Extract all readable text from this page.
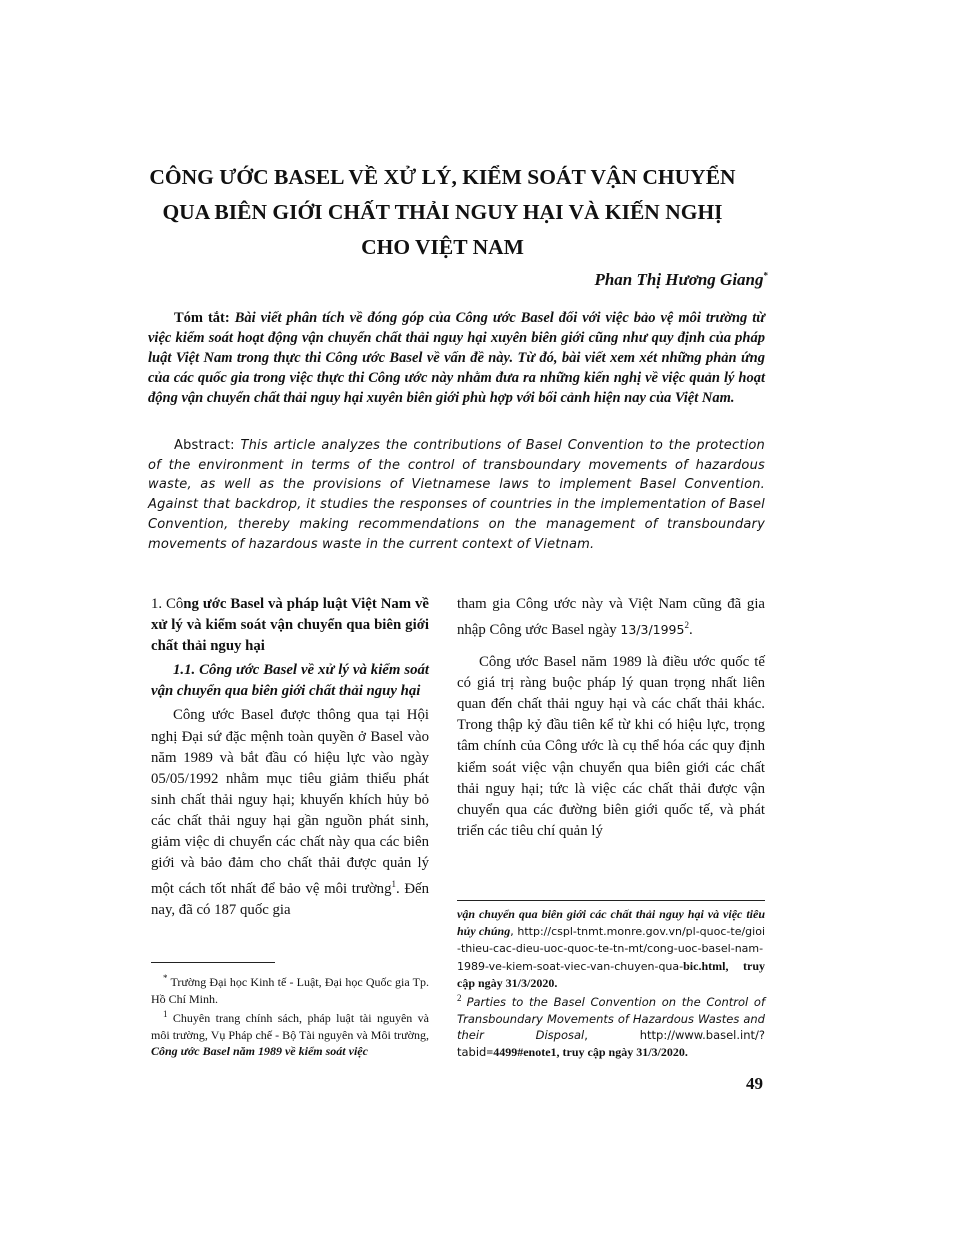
CÔNG ƯỚC BASEL VỀ XỬ LÝ, KIỂM SOÁT VẬN CHUYỂN
QUA BIÊN GIỚI CHẤT THẢI NGUY HẠI VÀ KIẾN NGHỊ
CHO VIỆT NAM
Phan Thị Hương Giang*

Tóm tắt: Bài viết phân tích về đóng góp của Công ước Basel đối với việc bảo vệ môi trường từ việc kiểm soát hoạt động vận chuyển chất thải nguy hại xuyên biên giới cũng như quy định của pháp luật Việt Nam trong thực thi Công ước Basel về vấn đề này. Từ đó, bài viết xem xét những phản ứng của các quốc gia trong việc thực thi Công ước này nhằm đưa ra những kiến nghị về việc quản lý hoạt động vận chuyển chất thải nguy hại xuyên biên giới phù hợp với bối cảnh hiện nay của Việt Nam.

Abstract: This article analyzes the contributions of Basel Convention to the protection of the environment in terms of the control of transboundary movements of hazardous waste, as well as the provisions of Vietnamese laws to implement Basel Convention. Against that backdrop, it studies the responses of countries in the implementation of Basel Convention, thereby making recommendations on the management of transboundary movements of hazardous waste in the current context of Vietnam.

1. Công ước Basel và pháp luật Việt Nam về xử lý và kiểm soát vận chuyển qua biên giới chất thải nguy hại

1.1. Công ước Basel về xử lý và kiểm soát vận chuyển qua biên giới chất thải nguy hại

Công ước Basel được thông qua tại Hội nghị Đại sứ đặc mệnh toàn quyền ở Basel vào năm 1989 và bắt đầu có hiệu lực vào ngày 05/05/1992 nhằm mục tiêu giảm thiểu phát sinh chất thải nguy hại; khuyến khích hủy bỏ các chất thải nguy hại gần nguồn phát sinh, giảm việc di chuyển các chất này qua các biên giới và bảo đảm cho chất thải được quản lý một cách tốt nhất để bảo vệ môi trường$^1$. Đến nay, đã có 187 quốc gia

tham gia Công ước này và Việt Nam cũng đã gia nhập Công ước Basel ngày 13/3/1995$^2$.

Công ước Basel năm 1989 là điều ước quốc tế có giá trị ràng buộc pháp lý quan trọng nhất liên quan đến chất thải nguy hại và các chất thải khác. Trong thập kỷ đầu tiên kể từ khi có hiệu lực, trọng tâm chính của Công ước là cụ thể hóa các quy định kiểm soát việc vận chuyển qua biên giới các chất thải nguy hại; tức là việc các chất thải được vận chuyển qua các đường biên giới quốc tế, và phát triển các tiêu chí quản lý

* Trường Đại học Kinh tế - Luật, Đại học Quốc gia Tp. Hồ Chí Minh.

$^1$ Chuyên trang chính sách, pháp luật tài nguyên và môi trường, Vụ Pháp chế - Bộ Tài nguyên và Môi trường, Công ước Basel năm 1989 về kiểm soát việc

vận chuyển qua biên giới các chất thải nguy hại và việc tiêu hủy chúng, http://cspl-tnmt.monre.gov.vn/pl-quoc-te/gioi-thieu-cac-dieu-uoc-quoc-te-tn-mt/cong-uoc-basel-nam-1989-ve-kiem-soat-viec-van-chuyen-qua-bic.html, truy cập ngày 31/3/2020.

$^2$ Parties to the Basel Convention on the Control of Transboundary Movements of Hazardous Wastes and their Disposal, http://www.basel.int/?tabid=4499#enote1, truy cập ngày 31/3/2020.

49
